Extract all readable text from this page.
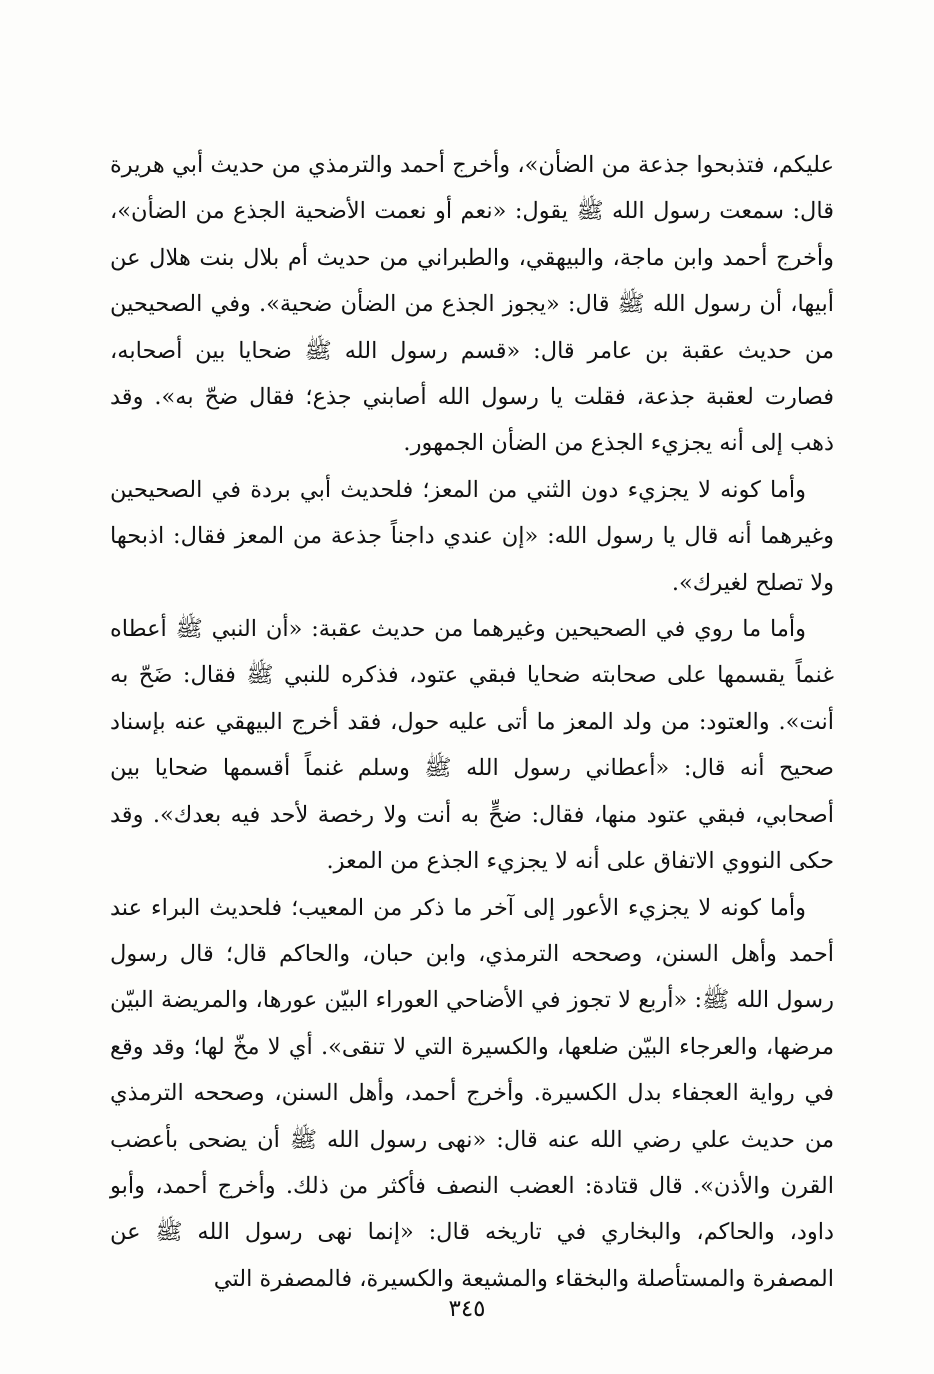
عليكم، فتذبحوا جذعة من الضأن»، وأخرج أحمد والترمذي من حديث أبي هريرة قال: سمعت رسول الله ﷺ يقول: «نعم أو نعمت الأضحية الجذع من الضأن»، وأخرج أحمد وابن ماجة، والبيهقي، والطبراني من حديث أم بلال بنت هلال عن أبيها، أن رسول الله ﷺ قال: «يجوز الجذع من الضأن ضحية». وفي الصحيحين من حديث عقبة بن عامر قال: «قسم رسول الله ﷺ ضحايا بين أصحابه، فصارت لعقبة جذعة، فقلت يا رسول الله أصابني جذع؛ فقال ضحّ به». وقد ذهب إلى أنه يجزيء الجذع من الضأن الجمهور.

وأما كونه لا يجزيء دون الثني من المعز؛ فلحديث أبي بردة في الصحيحين وغيرهما أنه قال يا رسول الله: «إن عندي داجناً جذعة من المعز فقال: اذبحها ولا تصلح لغيرك».

وأما ما روي في الصحيحين وغيرهما من حديث عقبة: «أن النبي ﷺ أعطاه غنماً يقسمها على صحابته ضحايا فبقي عتود، فذكره للنبي ﷺ فقال: ضَحّ به أنت». والعتود: من ولد المعز ما أتى عليه حول، فقد أخرج البيهقي عنه بإسناد صحيح أنه قال: «أعطاني رسول الله ﷺ وسلم غنماً أقسمها ضحايا بين أصحابي، فبقي عتود منها، فقال: ضحٍّ به أنت ولا رخصة لأحد فيه بعدك». وقد حكى النووي الاتفاق على أنه لا يجزيء الجذع من المعز.

وأما كونه لا يجزيء الأعور إلى آخر ما ذكر من المعيب؛ فلحديث البراء عند أحمد وأهل السنن، وصححه الترمذي، وابن حبان، والحاكم قال؛ قال رسول رسول الله ﷺ: «أربع لا تجوز في الأضاحي العوراء البيّن عورها، والمريضة البيّن مرضها، والعرجاء البيّن ضلعها، والكسيرة التي لا تنقى». أي لا مخّ لها؛ وقد وقع في رواية العجفاء بدل الكسيرة. وأخرج أحمد، وأهل السنن، وصححه الترمذي من حديث علي رضي الله عنه قال: «نهى رسول الله ﷺ أن يضحى بأعضب القرن والأذن». قال قتادة: العضب النصف فأكثر من ذلك. وأخرج أحمد، وأبو داود، والحاكم، والبخاري في تاريخه قال: «إنما نهى رسول الله ﷺ عن المصفرة والمستأصلة والبخقاء والمشيعة والكسيرة، فالمصفرة التي

٣٤٥
